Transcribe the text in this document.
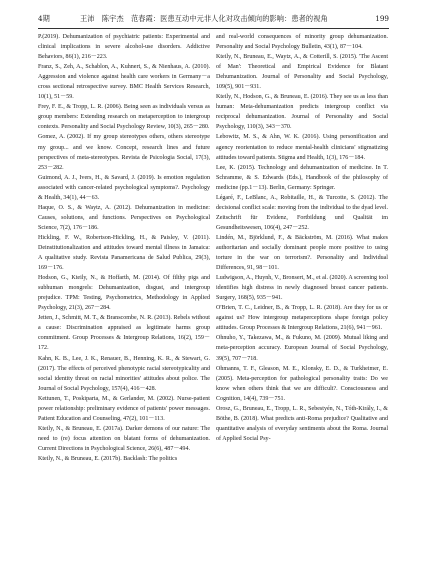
4期	王沛　陈宇杰　范春霞：医患互动中元非人化对攻击倾向的影响：患者的视角	199

P.(2019). Dehumanization of psychiatric patients: Experimental and clinical implications in severe alcohol-use disorders. Addictive Behaviors, 86(1), 216－223.

Franz, S., Zeh, A., Schablon, A., Kuhnert, S., & Nienhaus, A. (2010). Aggression and violence against health care workers in Germany－a cross sectional retrospective survey. BMC Health Services Research, 10(1), 51－59.

Frey, F. E., & Tropp, L. R. (2006). Being seen as individuals versus as group members: Extending research on metaperception to intergroup contexts. Personality and Social Psychology Review, 10(3), 265－280.

Gomez, A. (2002). If my group stereotypes others, others stereotype my group... and we know. Concept, research lines and future perspectives of meta-stereotypes. Revista de Psicologia Social, 17(3), 253－282.

Guimond, A. J., Ivers, H., & Savard, J. (2019). Is emotion regulation associated with cancer-related psychological symptoms?. Psychology & Health, 34(1), 44－63.

Haque, O. S., & Waytz, A. (2012). Dehumanization in medicine: Causes, solutions, and functions. Perspectives on Psychological Science, 7(2), 176－186.

Hickling, F. W., Robertson-Hickling, H., & Paisley, V. (2011). Deinstitutionalization and attitudes toward mental illness in Jamaica: A qualitative study. Revista Panamericana de Salud Publica, 29(3), 169－176.

Hodson, G., Kteily, N., & Hoffarth, M. (2014). Of filthy pigs and subhuman mongrels: Dehumanization, disgust, and intergroup prejudice. TPM: Testing, Psychometrics, Methodology in Applied Psychology, 21(3), 267－284.

Jetten, J., Schmitt, M. T., & Branscombe, N. R. (2013). Rebels without a cause: Discrimination appraised as legitimate harms group commitment. Group Processes & Intergroup Relations, 16(2), 159－172.

Kahn, K. B., Lee, J. K., Renauer, B., Henning, K. R., & Stewart, G. (2017). The effects of perceived phenotypic racial stereotypicality and social identity threat on racial minorities' attitudes about police. The Journal of Social Psychology, 157(4), 416－428.

Kettunen, T., Poskiparta, M., & Gerlander, M. (2002). Nurse-patient power relationship: preliminary evidence of patients' power messages. Patient Education and Counseling, 47(2), 101－113.

Kteily, N., & Bruneau, E. (2017a). Darker demons of our nature: The need to (re) focus attention on blatant forms of dehumanization. Current Directions in Psychological Science, 26(6), 487－494.

Kteily, N., & Bruneau, E. (2017b). Backlash: The politics

and real-world consequences of minority group dehumanization. Personality and Social Psychology Bulletin, 43(1), 87－104.

Kteily, N., Bruneau, E., Waytz, A., & Cotterill, S. (2015). 'The Ascent of Man': Theoretical and Empirical Evidence for Blatant Dehumanization. Journal of Personality and Social Psychology, 109(5), 901－931.

Kteily, N., Hodson, G., & Bruneau, E. (2016). They see us as less than human: Meta-dehumanization predicts intergroup conflict via reciprocal dehumanization. Journal of Personality and Social Psychology, 110(3), 343－370.

Lebowitz, M. S., & Ahn, W. K. (2016). Using personification and agency reorientation to reduce mental-health clinicians' stigmatizing attitudes toward patients. Stigma and Health, 1(3), 176－184.

Lee, K. (2015). Technology and dehumanization of medicine. In T. Schramme, & S. Edwards (Eds.), Handbook of the philosophy of medicine (pp.1－13). Berlin, Germany: Springer.

Légaré, F., LeBlanc, A., Robitaille, H., & Turcotte, S. (2012). The decisional conflict scale: moving from the individual to the dyad level. Zeitschrift für Evidenz, Fortbildung und Qualität im Gesundheitswesen, 106(4), 247－252.

Lindén, M., Björklund, F., & Bäckström, M. (2016). What makes authoritarian and socially dominant people more positive to using torture in the war on terrorism?. Personality and Individual Differences, 91, 98－101.

Ludwigson, A., Huynh, V., Bronsert, M., et al. (2020). A screening tool identifies high distress in newly diagnosed breast cancer patients. Surgery, 168(5), 935－941.

O'Brien, T. C., Leidner, B., & Tropp, L. R. (2018). Are they for us or against us? How intergroup metaperceptions shape foreign policy attitudes. Group Processes & Intergroup Relations, 21(6), 941－961.

Ohnuho, Y., Takezawa, M., & Fukuno, M. (2009). Mutual liking and meta-perception accuracy. European Journal of Social Psychology, 39(5), 707－718.

Ohmanns, T. F., Gleason, M. E., Klonsky, E. D., & Turkheimer, E. (2005). Meta-perception for pathological personality traits: Do we know when others think that we are difficult?. Consciousness and Cognition, 14(4), 739－751.

Orosz, G., Bruneau, E., Tropp, L. R., Sebestyén, N., Tóth-Király, I., & Böthe, B. (2018). What predicts anti-Roma prejudice? Qualitative and quantitative analysis of everyday sentiments about the Roma. Journal of Applied Social Psy-
